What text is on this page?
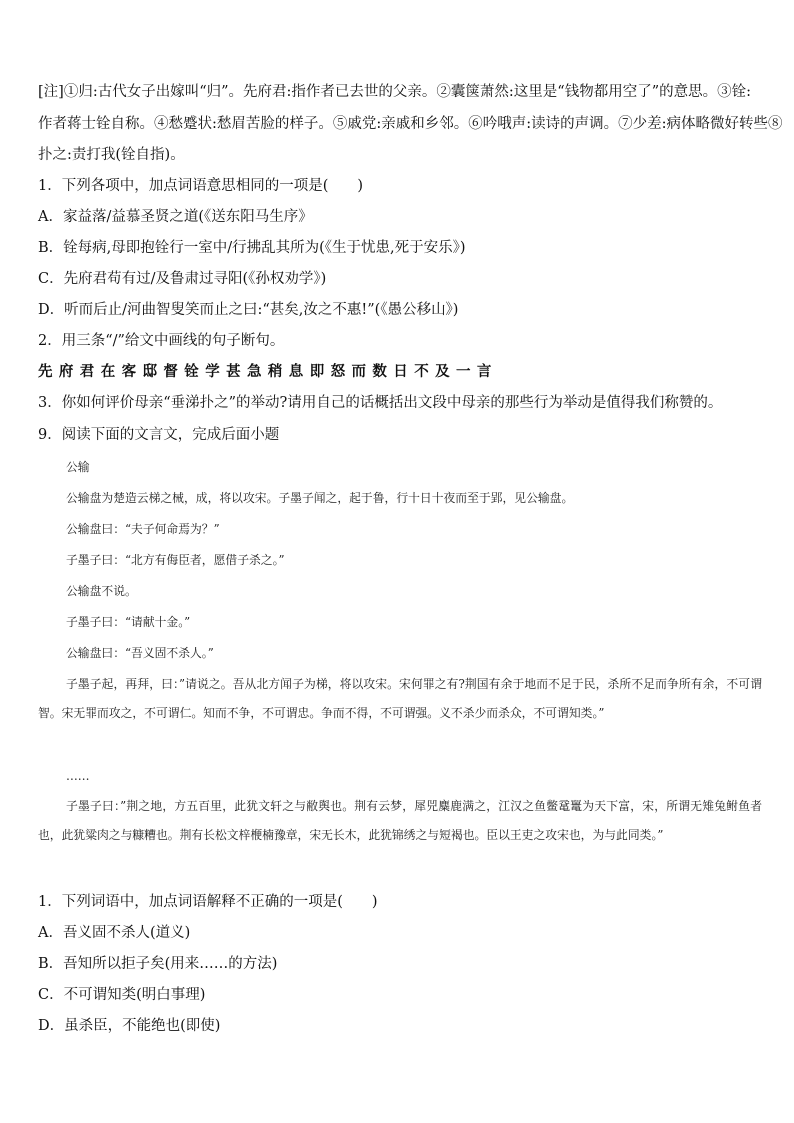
[注]①归:古代女子出嫁叫“归”。先府君:指作者已去世的父亲。②囊箧萧然:这里是“钱物都用空了”的意思。③铨:
作者蒋士铨自称。④愁蹙状:愁眉苦脸的样子。⑤戚党:亲戚和乡邻。⑥吟哦声:读诗的声调。⑦少差:病体略微好转些⑧
扑之:责打我(铨自指)。
1．下列各项中，加点词语意思相同的一项是(　　)
A．家益落/益慕圣贤之道(《送东阳马生序》
B．铨每病,母即抱铨行一室中/行拂乱其所为(《生于忧患,死于安乐》)
C．先府君苟有过/及鲁肃过寻阳(《孙权劝学》)
D．听而后止/河曲智叟笑而止之曰:“甚矣,汝之不惠!”(《愚公移山》)
2．用三条“/”给文中画线的句子断句。
先府君在客邸督铨学甚急稍息即怒而数日不及一言
3．你如何评价母亲“垂涕扑之”的举动?请用自己的话概括出文段中母亲的那些行为举动是值得我们称赞的。
9．阅读下面的文言文，完成后面小题
公输
公输盘为楚造云梯之械，成，将以攻宋。子墨子闻之，起于鲁，行十日十夜而至于郢，见公输盘。
公输盘曰：“夫子何命焉为？”
子墨子曰：“北方有侮臣者，愿借子杀之。”
公输盘不说。
子墨子曰：“请献十金。”
公输盘曰：“吾义固不杀人。”
子墨子起，再拜，曰：”请说之。吾从北方闻子为梯，将以攻宋。宋何罪之有?荆国有余于地而不足于民，杀所不足而争所有余，不可谓智。宋无罪而攻之，不可谓仁。知而不争，不可谓忠。争而不得，不可谓强。义不杀少而杀众，不可谓知类。”
……
子墨子曰：”荆之地，方五百里，此犹文轩之与敝舆也。荆有云梦，犀兕麋鹿满之，江汉之鱼鳖鼋鼍为天下富，宋，所谓无雉兔鲋鱼者也，此犹粱肉之与糠糟也。荆有长松文梓楩楠豫章，宋无长木，此犹锦绣之与短褐也。臣以王吏之攻宋也，为与此同类。”
1．下列词语中，加点词语解释不正确的一项是(　　)
A．吾义固不杀人(道义)
B．吾知所以拒子矣(用来……的方法)
C．不可谓知类(明白事理)
D．虽杀臣，不能绝也(即使)
